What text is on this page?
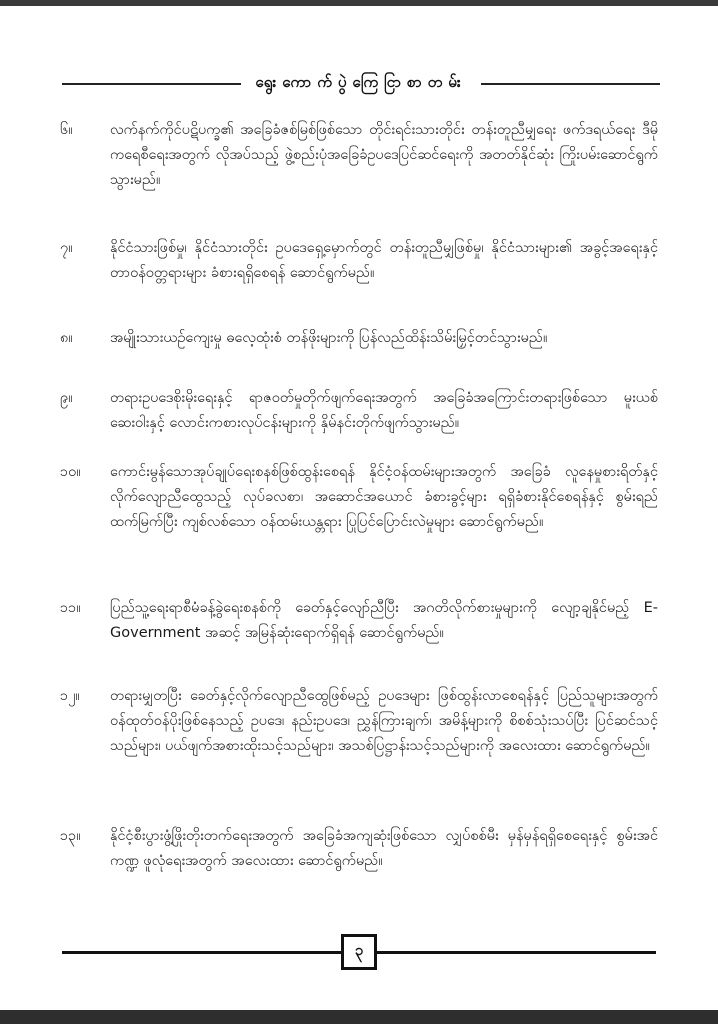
ရွေးကောက်ပွဲကြေငြာစာတမ်း
၆။	လက်နက်ကိုင်ပဋိပက္ခ၏ အခြေခံဇစ်မြစ်ဖြစ်သော တိုင်းရင်းသားတိုင်း တန်းတူညီမျှရေး ဖက်ဒရယ်ရေး ဒီမိုကရေစီရေးအတွက် လိုအပ်သည့် ဖွဲ့စည်းပုံအခြေခံဥပဒေပြင်ဆင်ရေးကို အတတ်နိုင်ဆုံး ကြိုးပမ်းဆောင်ရွက်သွားမည်။
၇။	နိုင်ငံသားဖြစ်မှု၊ နိုင်ငံသားတိုင်း ဥပဒေရှေ့မှောက်တွင် တန်းတူညီမျှဖြစ်မှု၊ နိုင်ငံသားများ၏ အခွင့်အရေးနှင့် တာဝန်ဝတ္တရားများ ခံစားရရှိစေရန် ဆောင်ရွက်မည်။
၈။	အမျိုးသားယဉ်ကျေးမှု ဓလေ့ထုံးစံ တန်ဖိုးများကို ပြန်လည်ထိန်းသိမ်းမြှင့်တင်သွားမည်။
၉။	တရားဥပဒေစိုးမိုးရေးနှင့် ရာဇဝတ်မှုတိုက်ဖျက်ရေးအတွက် အခြေခံအကြောင်းတရားဖြစ်သော မူးယစ်ဆေးဝါးနှင့် လောင်းကစားလုပ်ငန်းများကို နှိမ်နင်းတိုက်ဖျက်သွားမည်။
၁၀။	ကောင်းမွန်သောအုပ်ချုပ်ရေးစနစ်ဖြစ်ထွန်းစေရန် နိုင်ငံ့ဝန်ထမ်းများအတွက် အခြေခံ လူနေမှုစားရိတ်နှင့် လိုက်လျောညီထွေသည့် လုပ်ခလစာ၊ အဆောင်အယောင် ခံစားခွင့်များ ရရှိခံစားနိုင်စေရန်နှင့် စွမ်းရည်ထက်မြက်ပြီး ကျစ်လစ်သော ဝန်ထမ်းယန္တရား ပြုပြင်ပြောင်းလဲမှုများ ဆောင်ရွက်မည်။
၁၁။	ပြည်သူ့ရေးရာစီမံခန့်ခွဲရေးစနစ်ကို ခေတ်နှင့်လျော်ညီပြီး အဂတိလိုက်စားမှုများကို လျော့ချနိုင်မည့် E- Government အဆင့် အမြန်ဆုံးရောက်ရှိရန် ဆောင်ရွက်မည်။
၁၂။	တရားမျှတပြီး ခေတ်နှင့်လိုက်လျောညီထွေဖြစ်မည့် ဥပဒေများ ဖြစ်ထွန်းလာစေရန်နှင့် ပြည်သူများအတွက် ဝန်ထုတ်ဝန်ပိုးဖြစ်နေသည့် ဥပဒေ၊ နည်းဥပဒေ၊ ညွှန်ကြားချက်၊ အမိန့်များကို စိစစ်သုံးသပ်ပြီး ပြင်ဆင်သင့်သည်များ၊ ပယ်ဖျက်အစားထိုးသင့်သည်များ၊ အသစ်ပြဋ္ဌာန်းသင့်သည်များကို အလေးထား ဆောင်ရွက်မည်။
၁၃။	နိုင်ငံ့စီးပွားဖွံ့ဖြိုးတိုးတက်ရေးအတွက် အခြေခံအကျဆုံးဖြစ်သော လျှပ်စစ်မီး မှန်မှန်ရရှိစေရေးနှင့် စွမ်းအင်ကဏ္ဍ ဖူလုံရေးအတွက် အလေးထား ဆောင်ရွက်မည်။
၃
